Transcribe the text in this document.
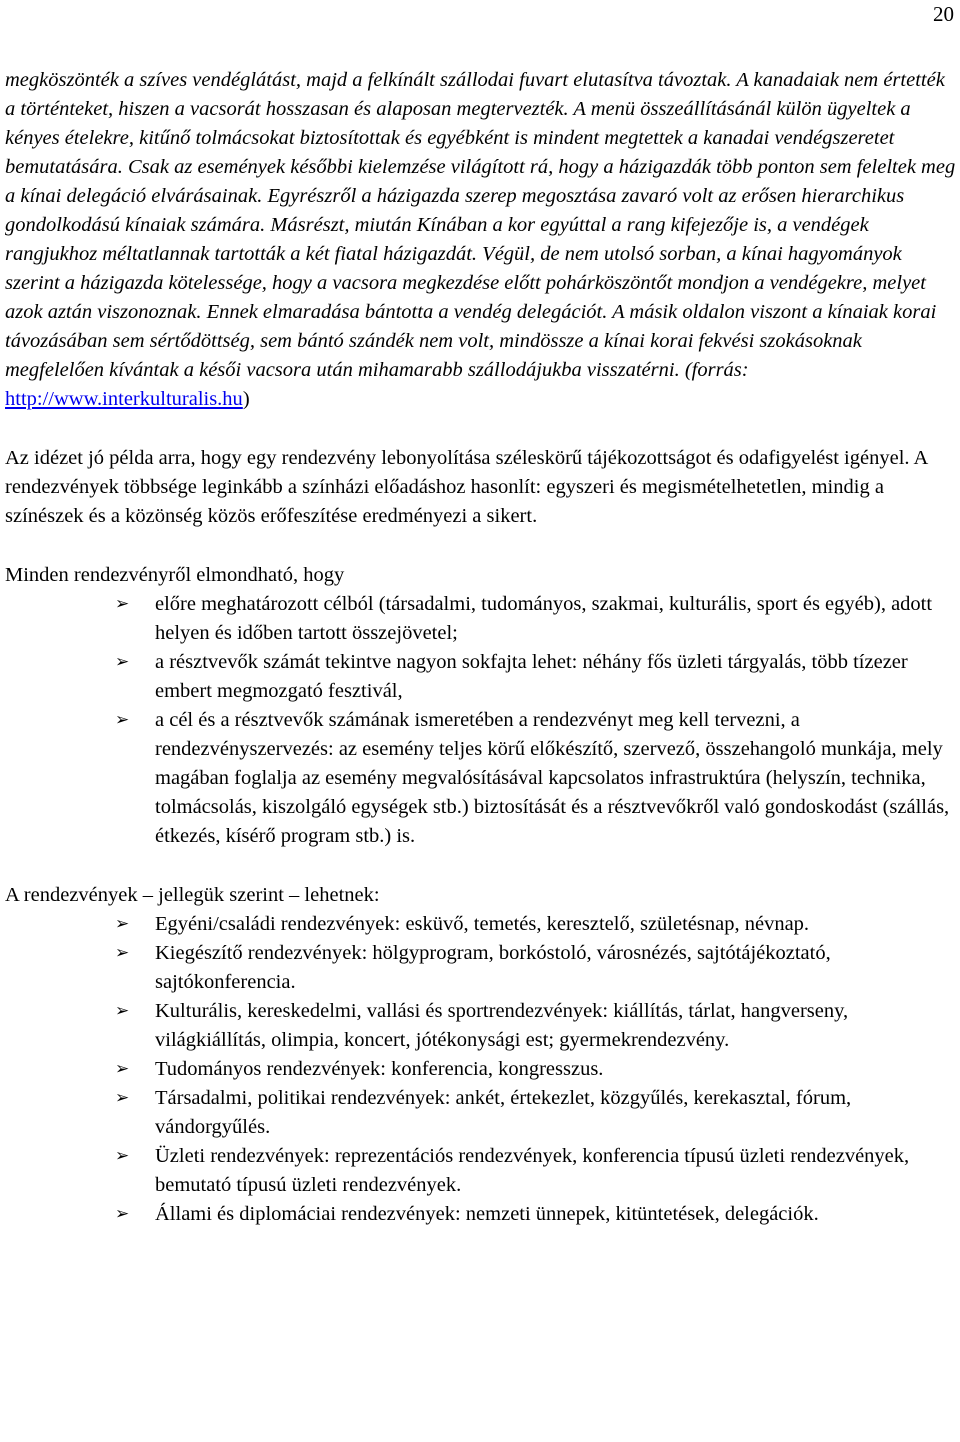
20

megköszönték a szíves vendéglátást, majd a felkínált szállodai fuvart elutasítva távoztak. A kanadaiak nem értették a történteket, hiszen a vacsorát hosszasan és alaposan megtervezték. A menü összeállításánál külön ügyeltek a kényes ételekre, kitűnő tolmácsokat biztosítottak és egyébként is mindent megtettek a kanadai vendégszeretet bemutatására. Csak az események későbbi kielemzése világított rá, hogy a házigazdák több ponton sem feleltek meg a kínai delegáció elvárásainak. Egyrészről a házigazda szerep megosztása zavaró volt az erősen hierarchikus gondolkodású kínaiak számára. Másrészt, miután Kínában a kor egyúttal a rang kifejezője is, a vendégek rangjukhoz méltatlannak tartották a két fiatal házigazdát. Végül, de nem utolsó sorban, a kínai hagyományok szerint a házigazda kötelessége, hogy a vacsora megkezdése előtt pohárköszöntőt mondjon a vendégekre, melyet azok aztán viszonoznak. Ennek elmaradása bántotta a vendég delegációt. A másik oldalon viszont a kínaiak korai távozásában sem sértődöttség, sem bántó szándék nem volt, mindössze a kínai korai fekvési szokásoknak megfelelően kívántak a késői vacsora után mihamarabb szállodájukba visszatérni. (forrás: http://www.interkulturalis.hu)

Az idézet jó példa arra, hogy egy rendezvény lebonyolítása széleskörű tájékozottságot és odafigyelést igényel. A rendezvények többsége leginkább a színházi előadáshoz hasonlít: egyszeri és megismételhetetlen, mindig a színészek és a közönség közös erőfeszítése eredményezi a sikert.

Minden rendezvényről elmondható, hogy

➢	előre meghatározott célból (társadalmi, tudományos, szakmai, kulturális, sport és egyéb), adott helyen és időben tartott összejövetel;
➢	a résztvevők számát tekintve nagyon sokfajta lehet: néhány fős üzleti tárgyalás, több tízezer embert megmozgató fesztivál,
➢	a cél és a résztvevők számának ismeretében a rendezvényt meg kell tervezni, a rendezvényszervezés: az esemény teljes körű előkészítő, szervező, összehangoló munkája, mely magában foglalja az esemény megvalósításával kapcsolatos infrastruktúra (helyszín, technika, tolmácsolás, kiszolgáló egységek stb.) biztosítását és a résztvevőkről való gondoskodást (szállás, étkezés, kísérő program stb.) is.

A rendezvények – jellegük szerint – lehetnek:

➢	Egyéni/családi rendezvények: esküvő, temetés, keresztelő, születésnap, névnap.
➢	Kiegészítő rendezvények: hölgyprogram, borkóstoló, városnézés, sajtótájékoztató, sajtókonferencia.
➢	Kulturális, kereskedelmi, vallási és sportrendezvények: kiállítás, tárlat, hangverseny, világkiállítás, olimpia, koncert, jótékonysági est; gyermekrendezvény.
➢	Tudományos rendezvények: konferencia, kongresszus.
➢	Társadalmi, politikai rendezvények: ankét, értekezlet, közgyűlés, kerekasztal, fórum, vándorgyűlés.
➢	Üzleti rendezvények: reprezentációs rendezvények, konferencia típusú üzleti rendezvények, bemutató típusú üzleti rendezvények.
➢	Állami és diplomáciai rendezvények: nemzeti ünnepek, kitüntetések, delegációk.
